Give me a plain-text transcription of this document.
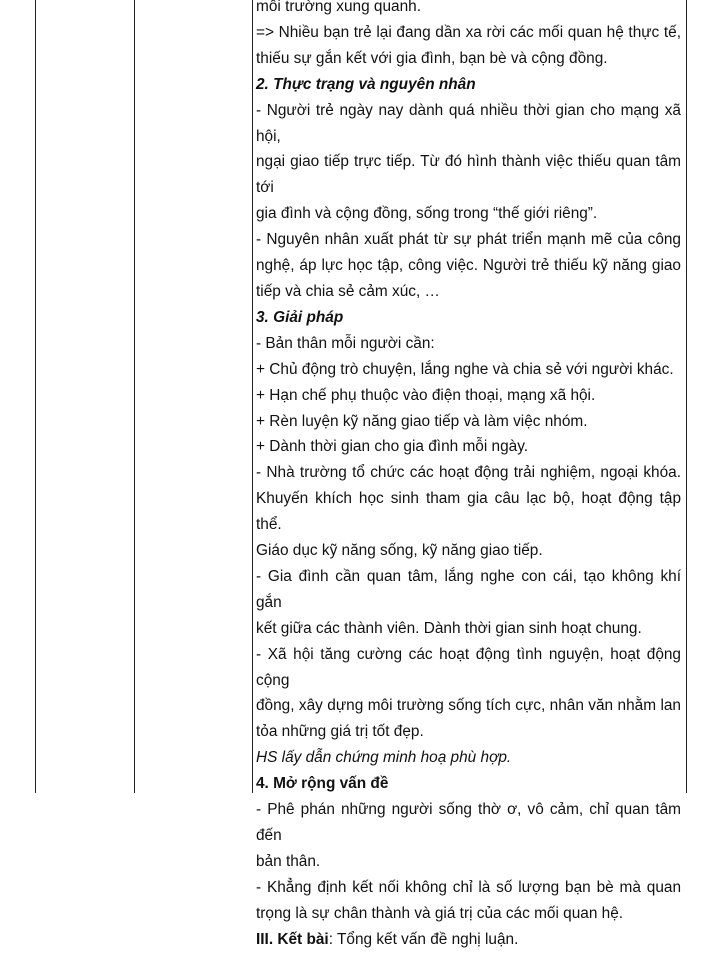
môi trường xung quanh.

=> Nhiều bạn trẻ lại đang dần xa rời các mối quan hệ thực tế,

thiếu sự gắn kết với gia đình, bạn bè và cộng đồng.

2. Thực trạng và nguyên nhân

- Người trẻ ngày nay dành quá nhiều thời gian cho mạng xã hội,

ngại giao tiếp trực tiếp. Từ đó hình thành việc thiếu quan tâm tới

gia đình và cộng đồng, sống trong “thế giới riêng”.

- Nguyên nhân xuất phát từ sự phát triển mạnh mẽ của công

nghệ, áp lực học tập, công việc. Người trẻ thiếu kỹ năng giao

tiếp và chia sẻ cảm xúc, …

3. Giải pháp

- Bản thân mỗi người cần:

+ Chủ động trò chuyện, lắng nghe và chia sẻ với người khác.

+ Hạn chế phụ thuộc vào điện thoại, mạng xã hội.

+ Rèn luyện kỹ năng giao tiếp và làm việc nhóm.

+ Dành thời gian cho gia đình mỗi ngày.

- Nhà trường tổ chức các hoạt động trải nghiệm, ngoại khóa.

Khuyến khích học sinh tham gia câu lạc bộ, hoạt động tập thể.

Giáo dục kỹ năng sống, kỹ năng giao tiếp.

- Gia đình cần quan tâm, lắng nghe con cái, tạo không khí gắn

kết giữa các thành viên. Dành thời gian sinh hoạt chung.

- Xã hội tăng cường các hoạt động tình nguyện, hoạt động cộng

đồng, xây dựng môi trường sống tích cực, nhân văn nhằm lan

tỏa những giá trị tốt đẹp.

HS lấy dẫn chứng minh hoạ phù hợp.

4. Mở rộng vấn đề

- Phê phán những người sống thờ ơ, vô cảm, chỉ quan tâm đến

bản thân.

- Khẳng định kết nối không chỉ là số lượng bạn bè mà quan

trọng là sự chân thành và giá trị của các mối quan hệ.

III. Kết bài: Tổng kết vấn đề nghị luận.
